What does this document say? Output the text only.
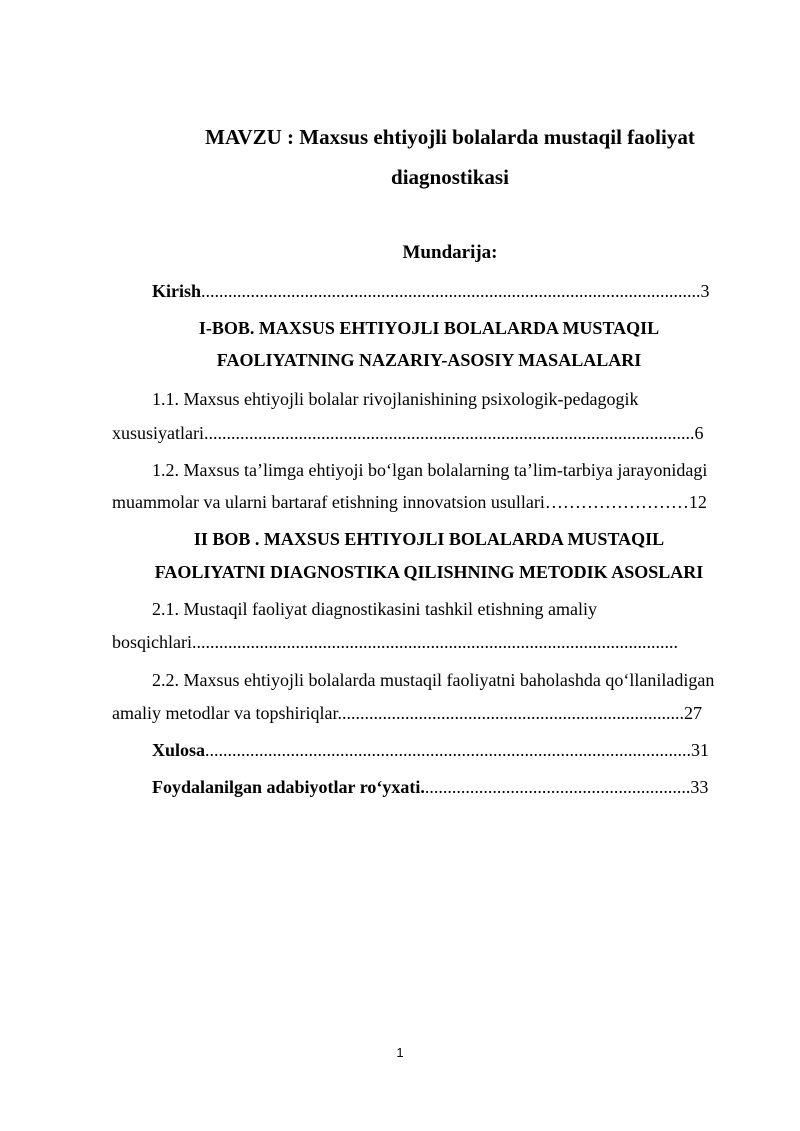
MAVZU : Maxsus ehtiyojli bolalarda mustaqil faoliyat
diagnostikasi
Mundarija:
Kirish...............................................................................................................3
I-BOB. MAXSUS EHTIYOJLI BOLALARDA MUSTAQIL
FAOLIYATNING NAZARIY-ASOSIY MASALALARI
1.1. Maxsus ehtiyojli bolalar rivojlanishining psixologik-pedagogik
xususiyatlari.............................................................................................................6
1.2. Maxsus ta’limga ehtiyoji bo‘lgan bolalarning ta’lim-tarbiya jarayonidagi
muammolar va ularni bartaraf etishning innovatsion usullari……………………12
II BOB . MAXSUS EHTIYOJLI BOLALARDA MUSTAQIL
FAOLIYATNI DIAGNOSTIKA QILISHNING METODIK ASOSLARI
2.1. Mustaqil faoliyat diagnostikasini tashkil etishning amaliy
bosqichlari............................................................................................................
2.2. Maxsus ehtiyojli bolalarda mustaqil faoliyatni baholashda qo‘llaniladigan
amaliy metodlar va topshiriqlar.............................................................................27
Xulosa............................................................................................................31
Foydalanilgan adabiyotlar ro‘yxati............................................................33
1
